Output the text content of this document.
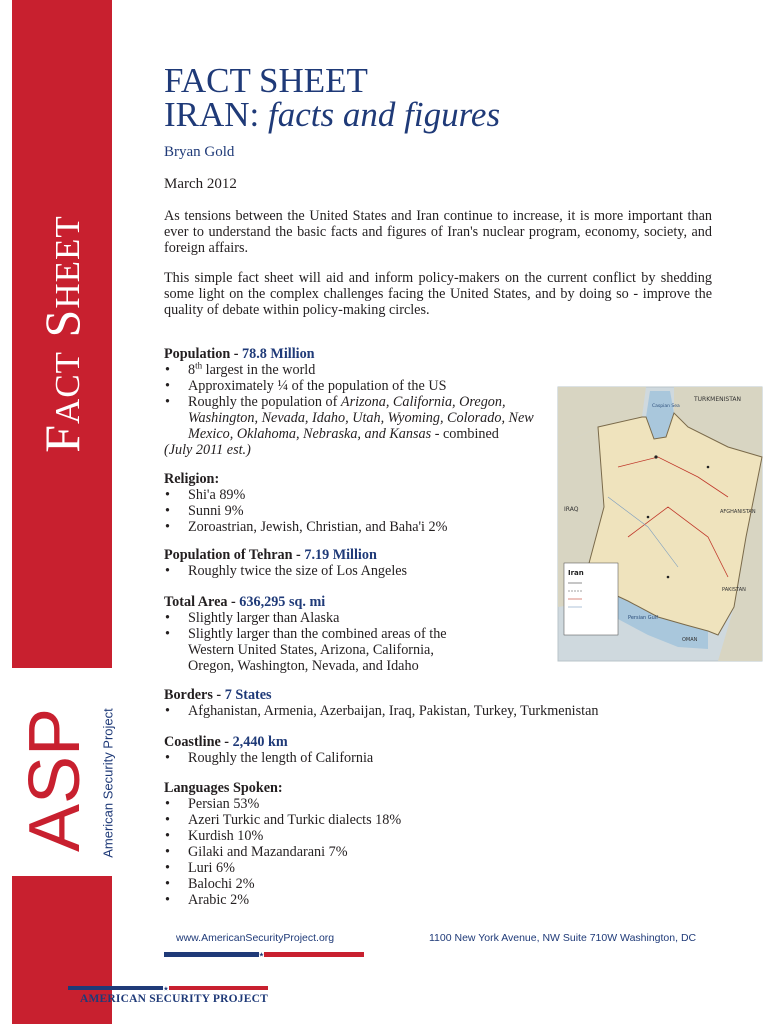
Fact Sheet
ASP American Security Project
FACT SHEET
IRAN: facts and figures
Bryan Gold
March 2012

As tensions between the United States and Iran continue to increase, it is more important than ever to understand the basic facts and figures of Iran's nuclear program, economy, society, and foreign affairs.

This simple fact sheet will aid and inform policy-makers on the current conflict by shedding some light on the complex challenges facing the United States, and by doing so - improve the quality of debate within policy-making circles.

Population - 78.8 Million
• 8th largest in the world
• Approximately ¼ of the population of the US
• Roughly the population of Arizona, California, Oregon, Washington, Nevada, Idaho, Utah, Wyoming, Colorado, New Mexico, Oklahoma, Nebraska, and Kansas - combined
(July 2011 est.)
Religion:
• Shi'a 89%
• Sunni 9%
• Zoroastrian, Jewish, Christian, and Baha'i 2%
Population of Tehran - 7.19 Million
• Roughly twice the size of Los Angeles
Total Area - 636,295 sq. mi
• Slightly larger than Alaska
• Slightly larger than the combined areas of the Western United States, Arizona, California, Oregon, Washington, Nevada, and Idaho
Borders - 7 States
• Afghanistan, Armenia, Azerbaijan, Iraq, Pakistan, Turkey, Turkmenistan
Coastline - 2,440 km
• Roughly the length of California
Languages Spoken:
• Persian 53%
• Azeri Turkic and Turkic dialects 18%
• Kurdish 10%
• Gilaki and Mazandarani 7%
• Luri 6%
• Balochi 2%
• Arabic 2%
Iran
TURKMENISTAN
Caspian Sea
IRAQ	AFGHANISTAN
PAKISTAN
Persian Gulf
OMAN
www.AmericanSecurityProject.org	1100 New York Avenue, NW Suite 710W Washington, DC
★
★
AMERICAN SECURITY PROJECT
